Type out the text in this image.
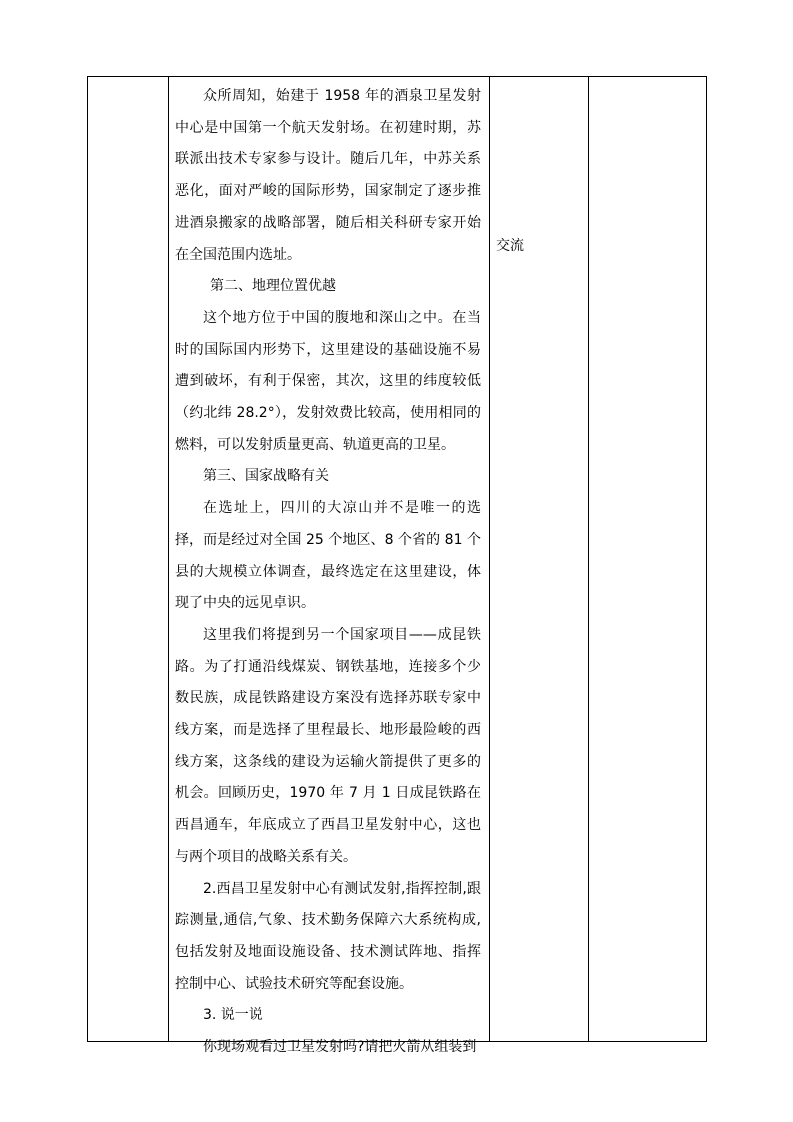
众所周知，始建于 1958 年的酒泉卫星发射中心是中国第一个航天发射场。在初建时期，苏联派出技术专家参与设计。随后几年，中苏关系恶化，面对严峻的国际形势，国家制定了逐步推进酒泉搬家的战略部署，随后相关科研专家开始在全国范围内选址。

第二、地理位置优越

这个地方位于中国的腹地和深山之中。在当时的国际国内形势下，这里建设的基础设施不易遭到破坏，有利于保密，其次，这里的纬度较低（约北纬 28.2°），发射效费比较高，使用相同的燃料，可以发射质量更高、轨道更高的卫星。

第三、国家战略有关

在选址上，四川的大凉山并不是唯一的选择，而是经过对全国 25 个地区、8 个省的 81 个县的大规模立体调查，最终选定在这里建设，体现了中央的远见卓识。

这里我们将提到另一个国家项目——成昆铁路。为了打通沿线煤炭、钢铁基地，连接多个少数民族，成昆铁路建设方案没有选择苏联专家中线方案，而是选择了里程最长、地形最险峻的西线方案，这条线的建设为运输火箭提供了更多的机会。回顾历史，1970 年 7 月 1 日成昆铁路在西昌通车，年底成立了西昌卫星发射中心，这也与两个项目的战略关系有关。

2.西昌卫星发射中心有测试发射,指挥控制,跟踪测量,通信,气象、技术勤务保障六大系统构成,包括发射及地面设施设备、技术测试阵地、指挥控制中心、试验技术研究等配套设施。

3. 说一说

你现场观看过卫星发射吗?请把火箭从组装到

交流
